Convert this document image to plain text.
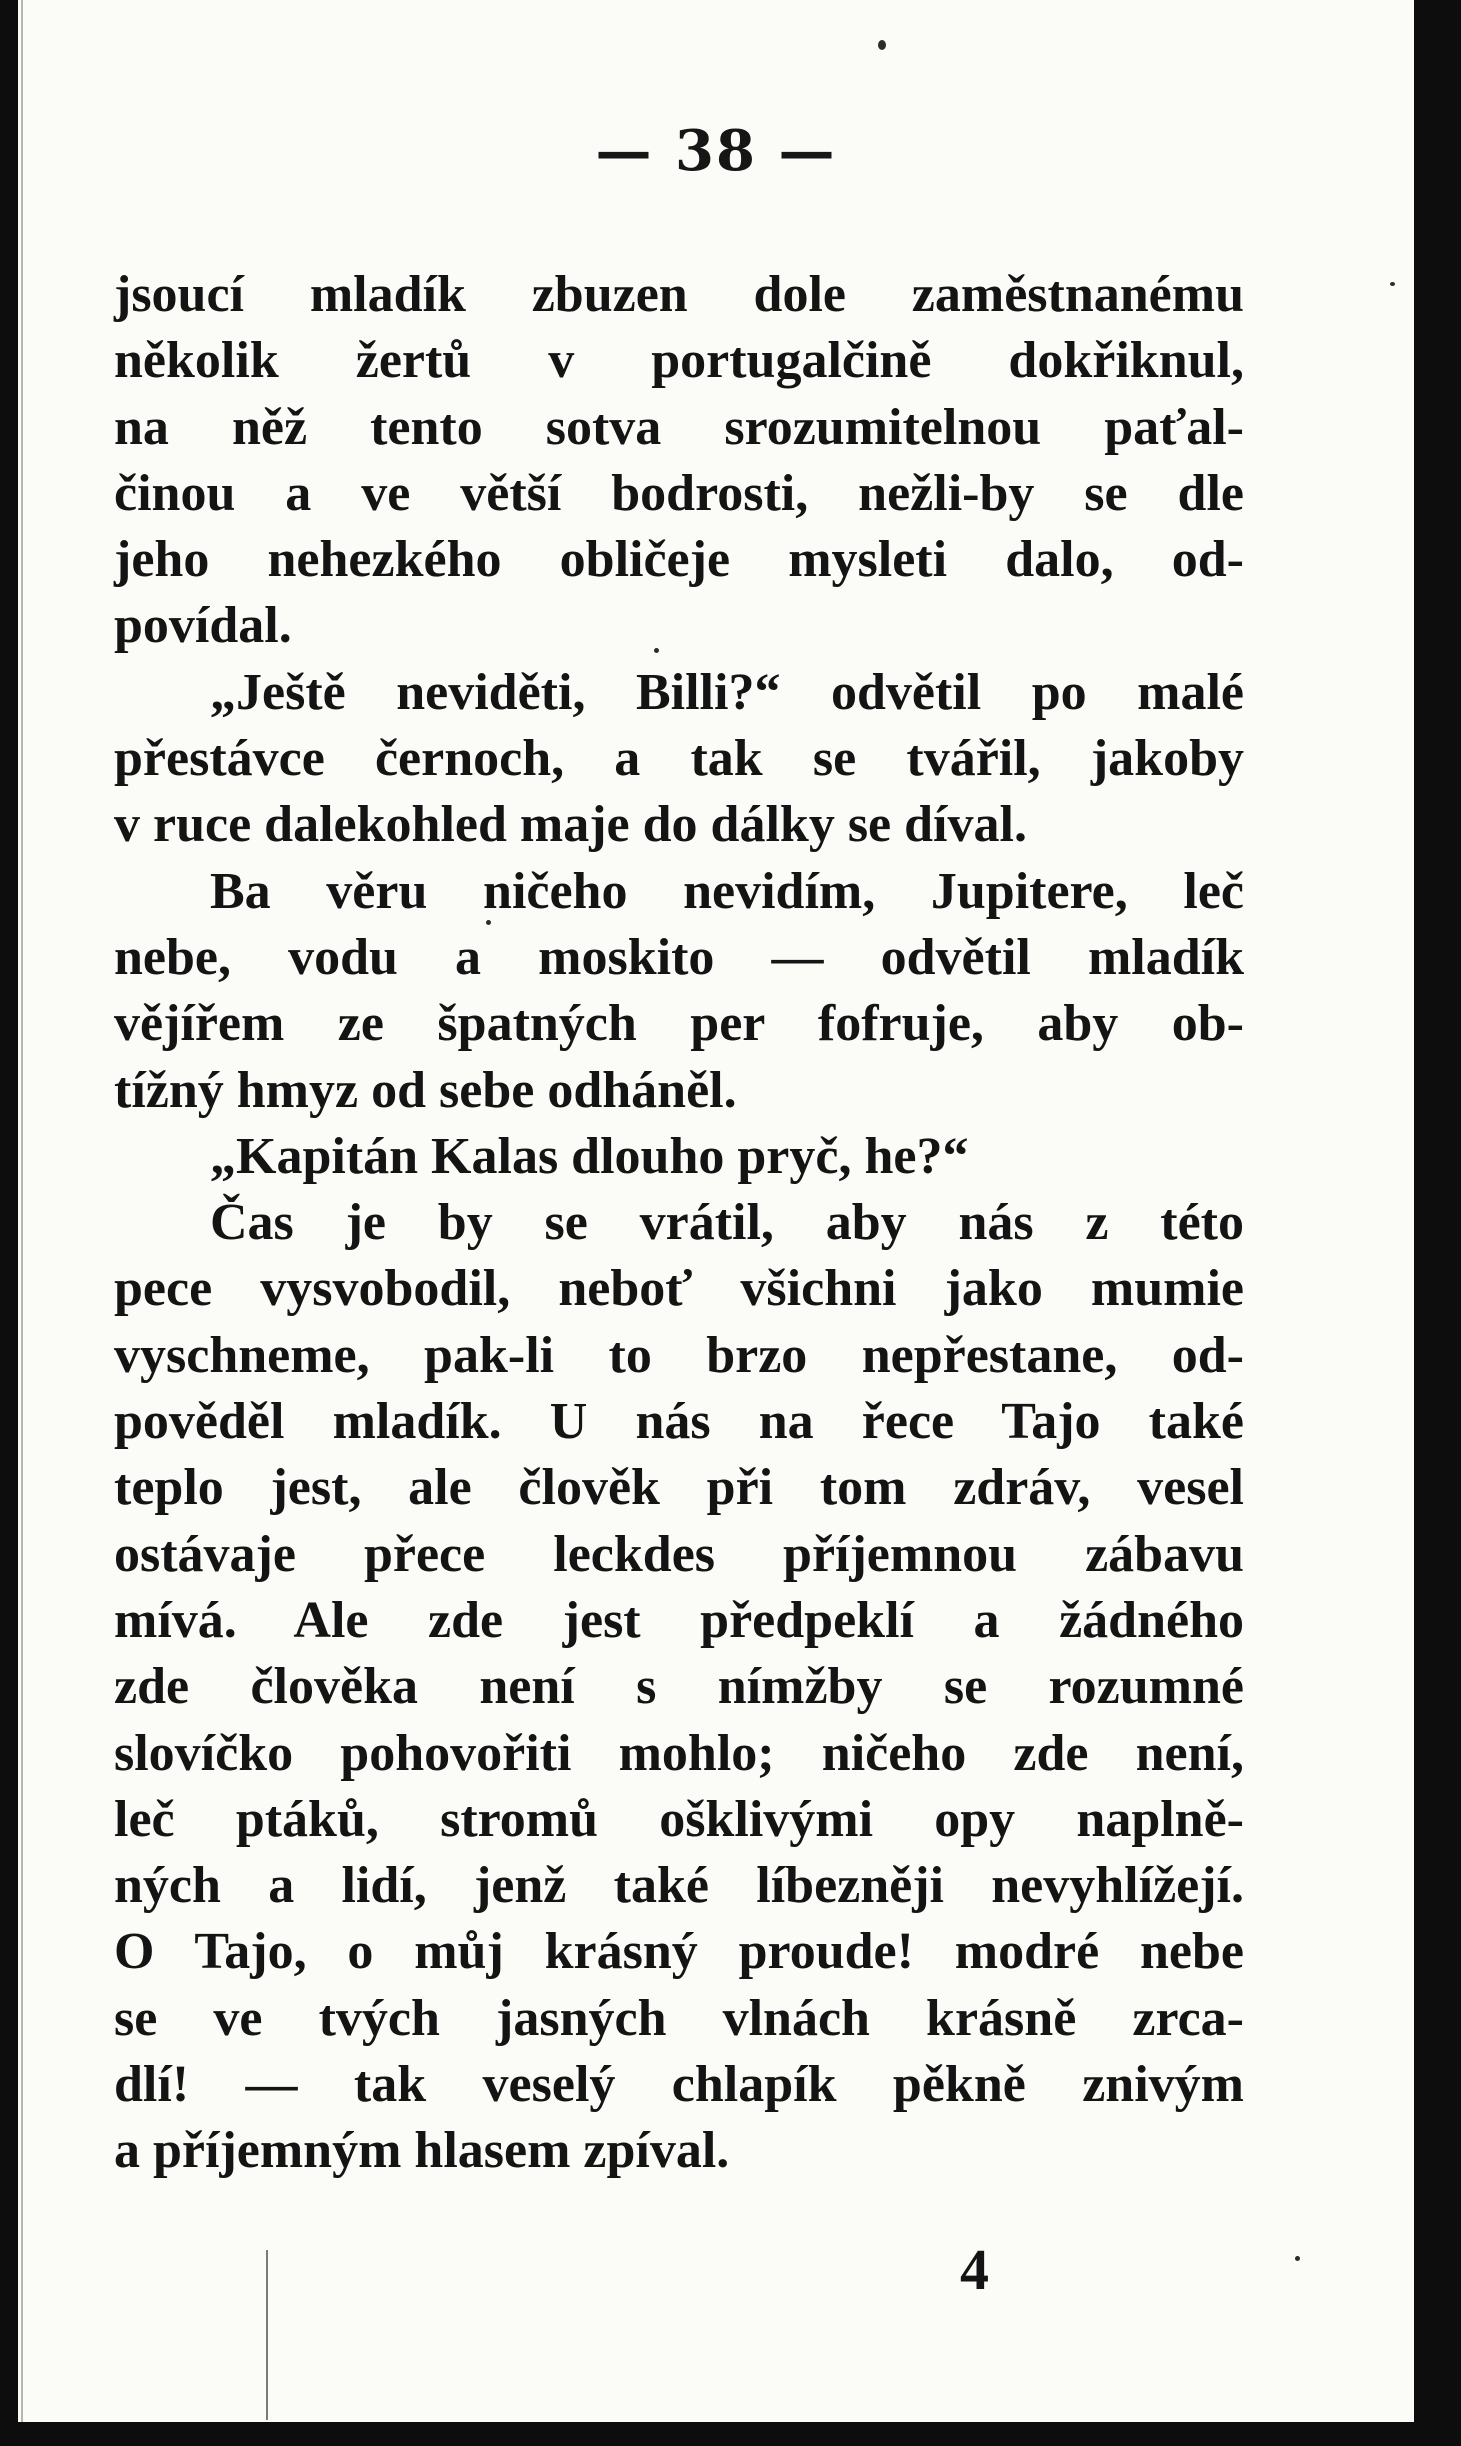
— 38 —
jsoucí mladík zbuzen dole zaměstnanému
několik žertů v portugalčině dokřiknul,
na něž tento sotva srozumitelnou paťal-
činou a ve větší bodrosti, nežli-by se dle
jeho nehezkého obličeje mysleti dalo, od-
povídal.
„Ještě neviděti, Billi?“ odvětil po malé
přestávce černoch, a tak se tvářil, jakoby
v ruce dalekohled maje do dálky se díval.
Ba věru ničeho nevidím, Jupitere, leč
nebe, vodu a moskito — odvětil mladík
vějířem ze špatných per fofruje, aby ob-
tížný hmyz od sebe odháněl.
„Kapitán Kalas dlouho pryč, he?“
Čas je by se vrátil, aby nás z této
pece vysvobodil, neboť všichni jako mumie
vyschneme, pak-li to brzo nepřestane, od-
pověděl mladík. U nás na řece Tajo také
teplo jest, ale člověk při tom zdráv, vesel
ostávaje přece leckdes příjemnou zábavu
mívá. Ale zde jest předpeklí a žádného
zde člověka není s nímžby se rozumné
slovíčko pohovořiti mohlo; ničeho zde není,
leč ptáků, stromů ošklivými opy naplně-
ných a lidí, jenž také líbezněji nevyhlížejí.
O Tajo, o můj krásný proude! modré nebe
se ve tvých jasných vlnách krásně zrca-
dlí! — tak veselý chlapík pěkně znivým
a příjemným hlasem zpíval.
4
